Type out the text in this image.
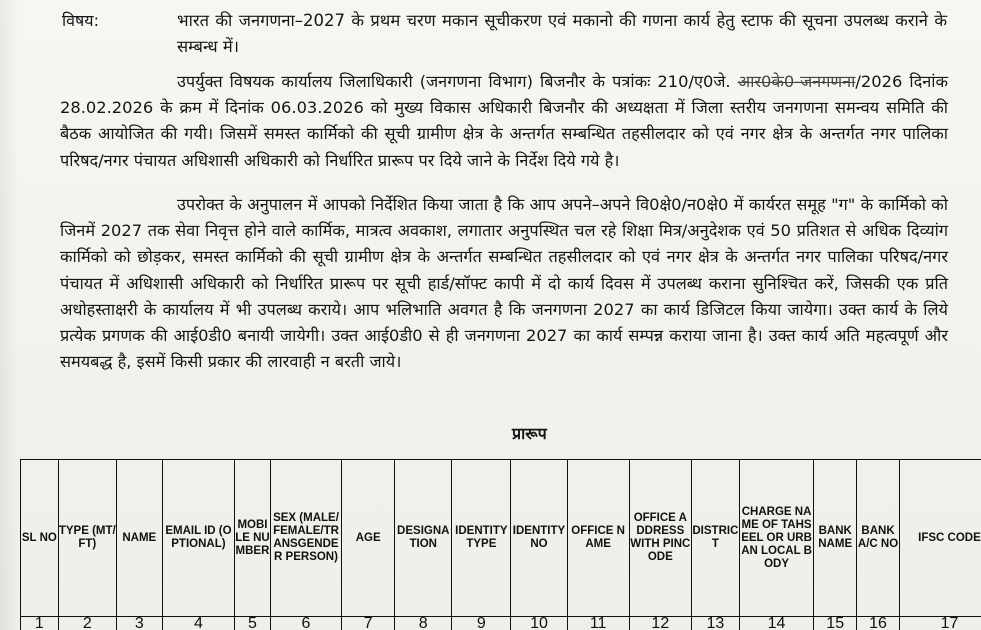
विषय:	भारत की जनगणना–2027 के प्रथम चरण मकान सूचीकरण एवं मकानो की गणना कार्य हेतु स्टाफ की सूचना उपलब्ध कराने के सम्बन्ध में।
उपर्युक्त विषयक कार्यालय जिलाधिकारी (जनगणना विभाग) बिजनौर के पत्रांकः 210/ए0जे. आर0के0-जनगणना/2026 दिनांक 28.02.2026 के क्रम में दिनांक 06.03.2026 को मुख्य विकास अधिकारी बिजनौर की अध्यक्षता में जिला स्तरीय जनगणना समन्वय समिति की बैठक आयोजित की गयी। जिसमें समस्त कार्मिको की सूची ग्रामीण क्षेत्र के अन्तर्गत सम्बन्धित तहसीलदार को एवं नगर क्षेत्र के अन्तर्गत नगर पालिका परिषद/नगर पंचायत अधिशासी अधिकारी को निर्धारित प्रारूप पर दिये जाने के निर्देश दिये गये है।
उपरोक्त के अनुपालन में आपको निर्देशित किया जाता है कि आप अपने–अपने वि0क्षे0/न0क्षे0 में कार्यरत समूह "ग" के कार्मिको को जिनमें 2027 तक सेवा निवृत्त होने वाले कार्मिक, मात्रत्व अवकाश, लगातार अनुपस्थित चल रहे शिक्षा मित्र/अनुदेशक एवं 50 प्रतिशत से अधिक दिव्यांग कार्मिको को छोड़कर, समस्त कार्मिको की सूची ग्रामीण क्षेत्र के अन्तर्गत सम्बन्धित तहसीलदार को एवं नगर क्षेत्र के अन्तर्गत नगर पालिका परिषद/नगर पंचायत में अधिशासी अधिकारी को निर्धारित प्रारूप पर सूची हार्ड/सॉफ्ट कापी में दो कार्य दिवस में उपलब्ध कराना सुनिश्चित करें, जिसकी एक प्रति अधोहस्ताक्षरी के कार्यालय में भी उपलब्ध कराये। आप भलिभाति अवगत है कि जनगणना 2027 का कार्य डिजिटल किया जायेगा। उक्त कार्य के लिये प्रत्येक प्रगणक की आई0डी0 बनायी जायेगी। उक्त आई0डी0 से ही जनगणना 2027 का कार्य सम्पन्न कराया जाना है। उक्त कार्य अति महत्वपूर्ण और समयबद्ध है, इसमें किसी प्रकार की लारवाही न बरती जाये।
प्रारूप
SL NO	TYPE (MT/FT)	NAME	EMAIL ID (OPTIONAL)	MOBILE NUMBER	SEX (MALE/FEMALE/TRANSGENDER PERSON)	AGE	DESIGNATION	IDENTITY TYPE	IDENTITY NO	OFFICE NAME	OFFICE ADDRESS WITH PINCODE	DISTRICT	CHARGE NAME OF TAHSEEL OR URBAN LOCAL BODY	BANK NAME	BANK A/C NO	IFSC CODE
1	2	3	4	5	6	7	8	9	10	11	12	13	14	15	16	17
